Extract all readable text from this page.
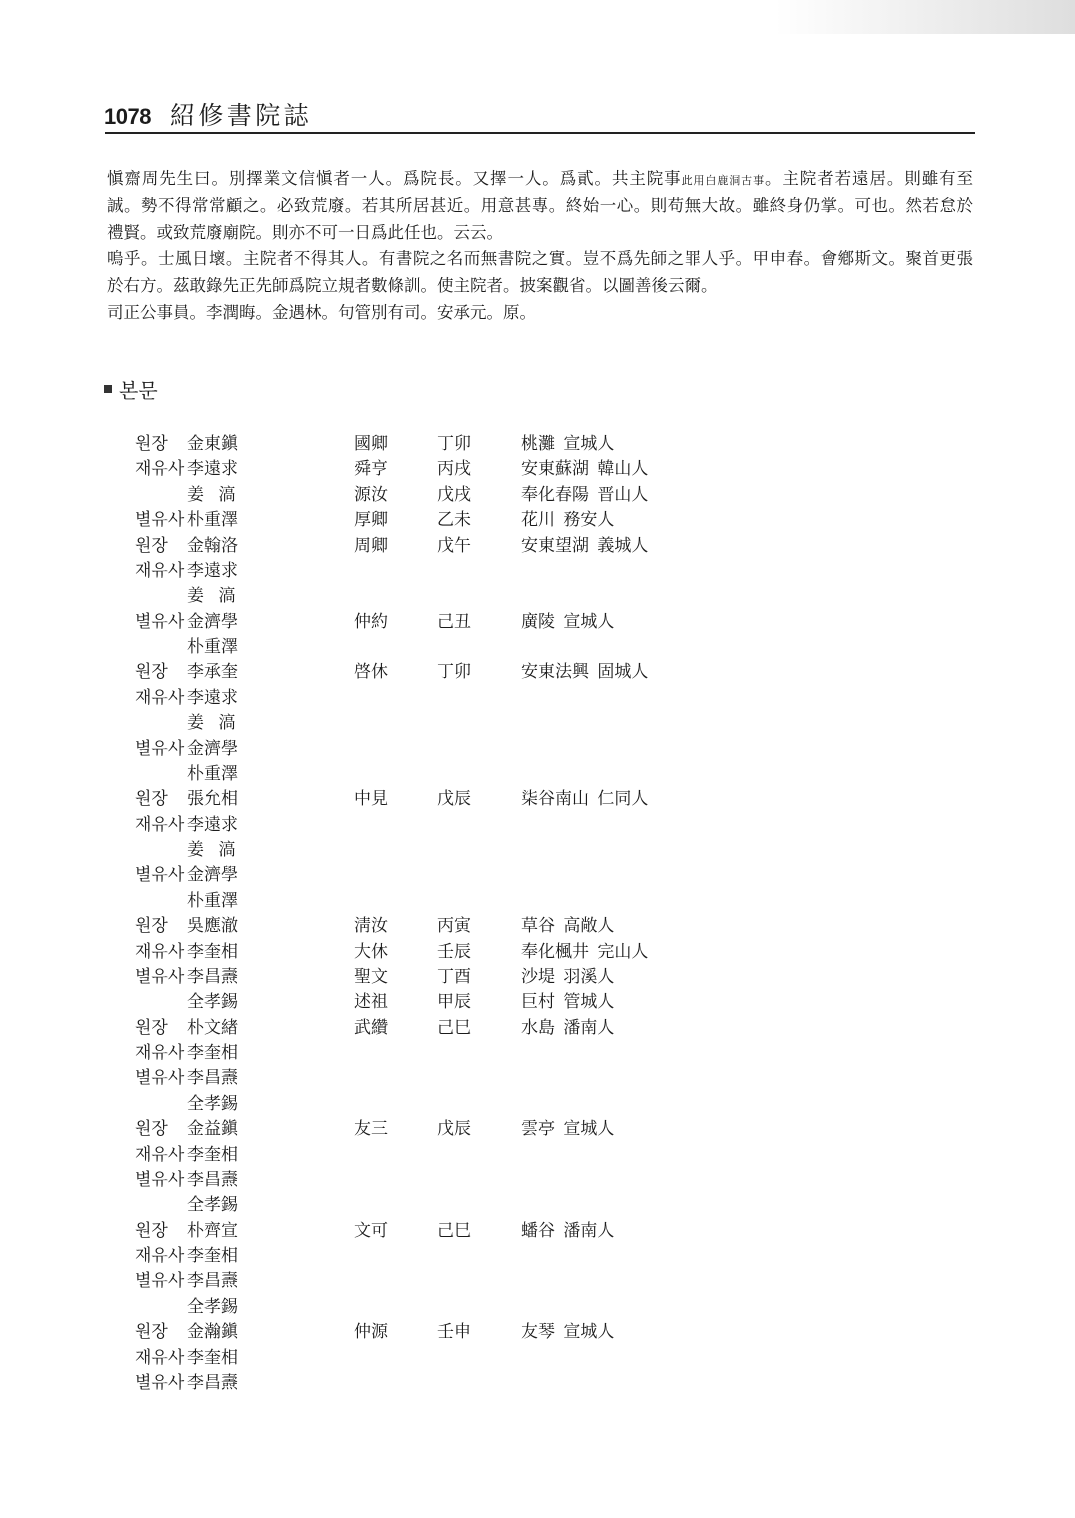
1078 紹修書院誌
愼齋周先生曰。別擇業文信愼者一人。爲院長。又擇一人。爲貳。共主院事此用白鹿洞古事。主院者若遠居。則雖有至
誠。勢不得常常顧之。必致荒廢。若其所居甚近。用意甚專。終始一心。則苟無大故。雖終身仍掌。可也。然若怠於
禮賢。或致荒廢廟院。則亦不可一日爲此任也。云云。
嗚乎。士風日壞。主院者不得其人。有書院之名而無書院之實。豈不爲先師之罪人乎。甲申春。會鄕斯文。聚首更張
於右方。茲敢錄先正先師爲院立規者數條訓。使主院者。披案觀省。以圖善後云爾。
司正公事員。李潤晦。金遇林。句管別有司。安承元。原。
본문
원장 金東鎭	國卿	丁卯	桃灘 宣城人
재유사 李遠求	舜亨	丙戌	安東蘇湖 韓山人
姜 滈	源汝	戊戌	奉化春陽 晋山人
별유사 朴重澤	厚卿	乙未	花川 務安人
원장 金翰洛	周卿	戊午	安東望湖 義城人
재유사 李遠求
姜 滈
별유사 金濟學	仲約	己丑	廣陵 宣城人
朴重澤
원장 李承奎	啓休	丁卯	安東法興 固城人
재유사 李遠求
姜 滈
별유사 金濟學
朴重澤
원장 張允相	中見	戊辰	柒谷南山 仁同人
재유사 李遠求
姜 滈
별유사 金濟學
朴重澤
원장 吳應澈	淸汝	丙寅	草谷 高敞人
재유사 李奎相	大休	壬辰	奉化楓井 完山人
별유사 李昌燾	聖文	丁酉	沙堤 羽溪人
全孝錫	述祖	甲辰	巨村 管城人
원장 朴文緖	武纘	己巳	水島 潘南人
재유사 李奎相
별유사 李昌燾
全孝錫
원장 金益鎭	友三	戊辰	雲亭 宣城人
재유사 李奎相
별유사 李昌燾
全孝錫
원장 朴齊宣	文可	己巳	蟠谷 潘南人
재유사 李奎相
별유사 李昌燾
全孝錫
원장 金瀚鎭	仲源	壬申	友琴 宣城人
재유사 李奎相
별유사 李昌燾
